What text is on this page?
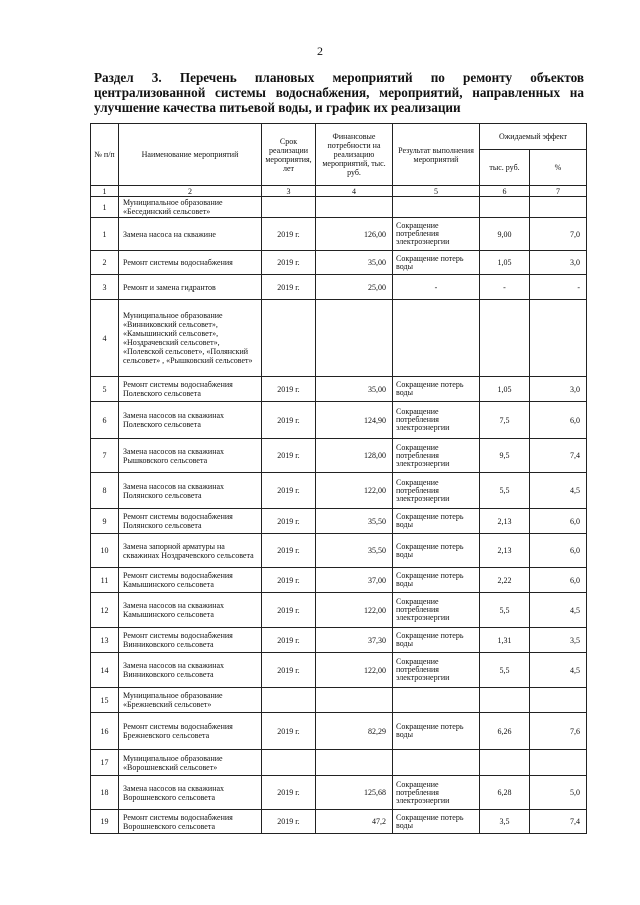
2
Раздел 3. Перечень плановых мероприятий по ремонту объектов централизованной системы водоснабжения, мероприятий, направленных на улучшение качества питьевой воды, и график их реализации
№ п/п	Наименование мероприятий	Срок реализации мероприятия, лет	Финансовые потребности на реализацию мероприятий, тыс. руб.	Результат выполнения мероприятий	Ожидаемый эффект	
					тыс. руб.	%
1	2	3	4	5	6	7
1	Муниципальное образование «Бесединский сельсовет»					
1	Замена насоса на скважине	2019 г.	126,00	Сокращение потребления электроэнергии	9,00	7,0
2	Ремонт системы водоснабжения	2019 г.	35,00	Сокращение потерь воды	1,05	3,0
3	Ремонт и замена гидрантов	2019 г.	25,00	-	-	-
4	Муниципальное образование «Винниковский сельсовет», «Камышинский сельсовет», «Ноздрачевский сельсовет», «Полевской сельсовет», «Полянский сельсовет» , «Рышковский сельсовет»					
5	Ремонт системы водоснабжения Полевского сельсовета	2019 г.	35,00	Сокращение потерь воды	1,05	3,0
6	Замена насосов на скважинах Полевского сельсовета	2019 г.	124,90	Сокращение потребления электроэнергии	7,5	6,0
7	Замена насосов на скважинах Рышковского сельсовета	2019 г.	128,00	Сокращение потребления электроэнергии	9,5	7,4
8	Замена насосов на скважинах Полянского сельсовета	2019 г.	122,00	Сокращение потребления электроэнергии	5,5	4,5
9	Ремонт системы водоснабжения Полянского сельсовета	2019 г.	35,50	Сокращение потерь воды	2,13	6,0
10	Замена запорной арматуры на скважинах Ноздрачевского сельсовета	2019 г.	35,50	Сокращение потерь воды	2,13	6,0
11	Ремонт системы водоснабжения Камышинского сельсовета	2019 г.	37,00	Сокращение потерь воды	2,22	6,0
12	Замена насосов на скважинах Камышинского сельсовета	2019 г.	122,00	Сокращение потребления электроэнергии	5,5	4,5
13	Ремонт системы водоснабжения Винниковского сельсовета	2019 г.	37,30	Сокращение потерь воды	1,31	3,5
14	Замена насосов на скважинах Винниковского сельсовета	2019 г.	122,00	Сокращение потребления электроэнергии	5,5	4,5
15	Муниципальное образование «Брежневский сельсовет»					
16	Ремонт системы водоснабжения Брежневского сельсовета	2019 г.	82,29	Сокращение потерь воды	6,26	7,6
17	Муниципальное образование «Ворошневский сельсовет»					
18	Замена насосов на скважинах Ворошневского сельсовета	2019 г.	125,68	Сокращение потребления электроэнергии	6,28	5,0
19	Ремонт системы водоснабжения Ворошневского сельсовета	2019 г.	47,2	Сокращение потерь воды	3,5	7,4
